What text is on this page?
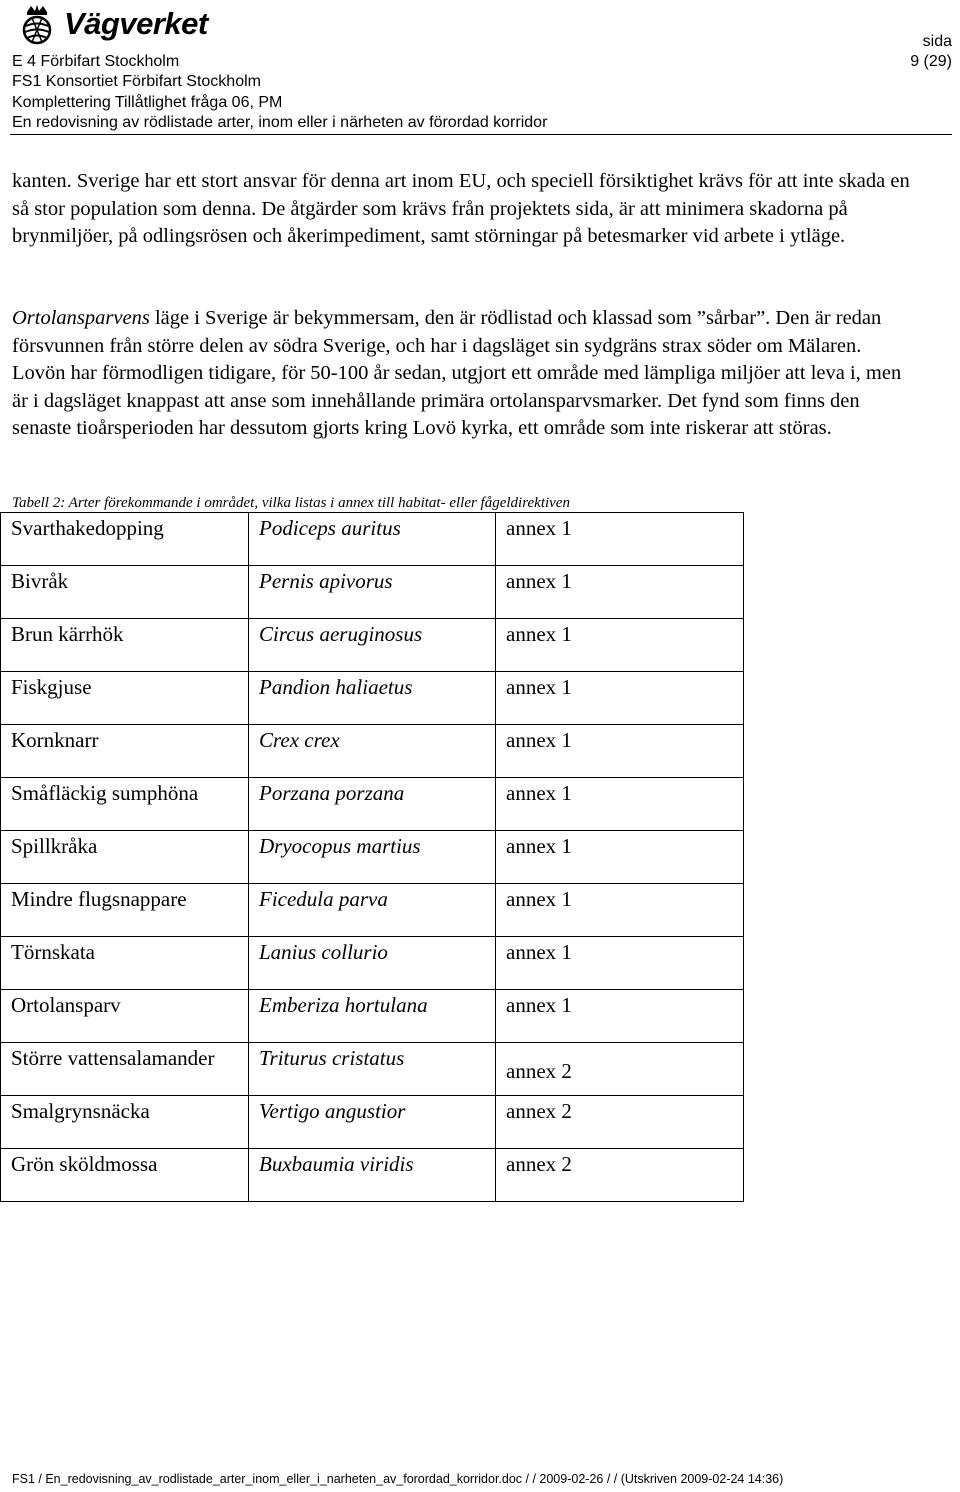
Vägverket
E 4 Förbifart Stockholm
FS1 Konsortiet Förbifart Stockholm
Komplettering Tillåtlighet fråga 06, PM
En redovisning av rödlistade arter, inom eller i närheten av förordad korridor
sida
9 (29)

kanten. Sverige har ett stort ansvar för denna art inom EU, och speciell försiktighet krävs för att inte skada en så stor population som denna. De åtgärder som krävs från projektets sida, är att minimera skadorna på brynmiljöer, på odlingsrösen och åkerimpediment, samt störningar på betesmarker vid arbete i ytläge.

Ortolansparvens läge i Sverige är bekymmersam, den är rödlistad och klassad som ”sårbar”. Den är redan försvunnen från större delen av södra Sverige, och har i dagsläget sin sydgräns strax söder om Mälaren. Lovön har förmodligen tidigare, för 50-100 år sedan, utgjort ett område med lämpliga miljöer att leva i, men är i dagsläget knappast att anse som innehållande primära ortolansparvsmarker. Det fynd som finns den senaste tioårsperioden har dessutom gjorts kring Lovö kyrka, ett område som inte riskerar att störas.

Tabell 2: Arter förekommande i området, vilka listas i annex till habitat- eller fågeldirektiven
Svarthakedopping	Podiceps auritus	annex 1
Bivråk	Pernis apivorus	annex 1
Brun kärrhök	Circus aeruginosus	annex 1
Fiskgjuse	Pandion haliaetus	annex 1
Kornknarr	Crex crex	annex 1
Småfläckig sumphöna	Porzana porzana	annex 1
Spillkråka	Dryocopus martius	annex 1
Mindre flugsnappare	Ficedula parva	annex 1
Törnskata	Lanius collurio	annex 1
Ortolansparv	Emberiza hortulana	annex 1
Större vattensalamander	Triturus cristatus	annex 2
Smalgrynsnäcka	Vertigo angustior	annex 2
Grön sköldmossa	Buxbaumia viridis	annex 2
FS1 / En_redovisning_av_rodlistade_arter_inom_eller_i_narheten_av_forordad_korridor.doc / / 2009-02-26 / / (Utskriven 2009-02-24 14:36)
